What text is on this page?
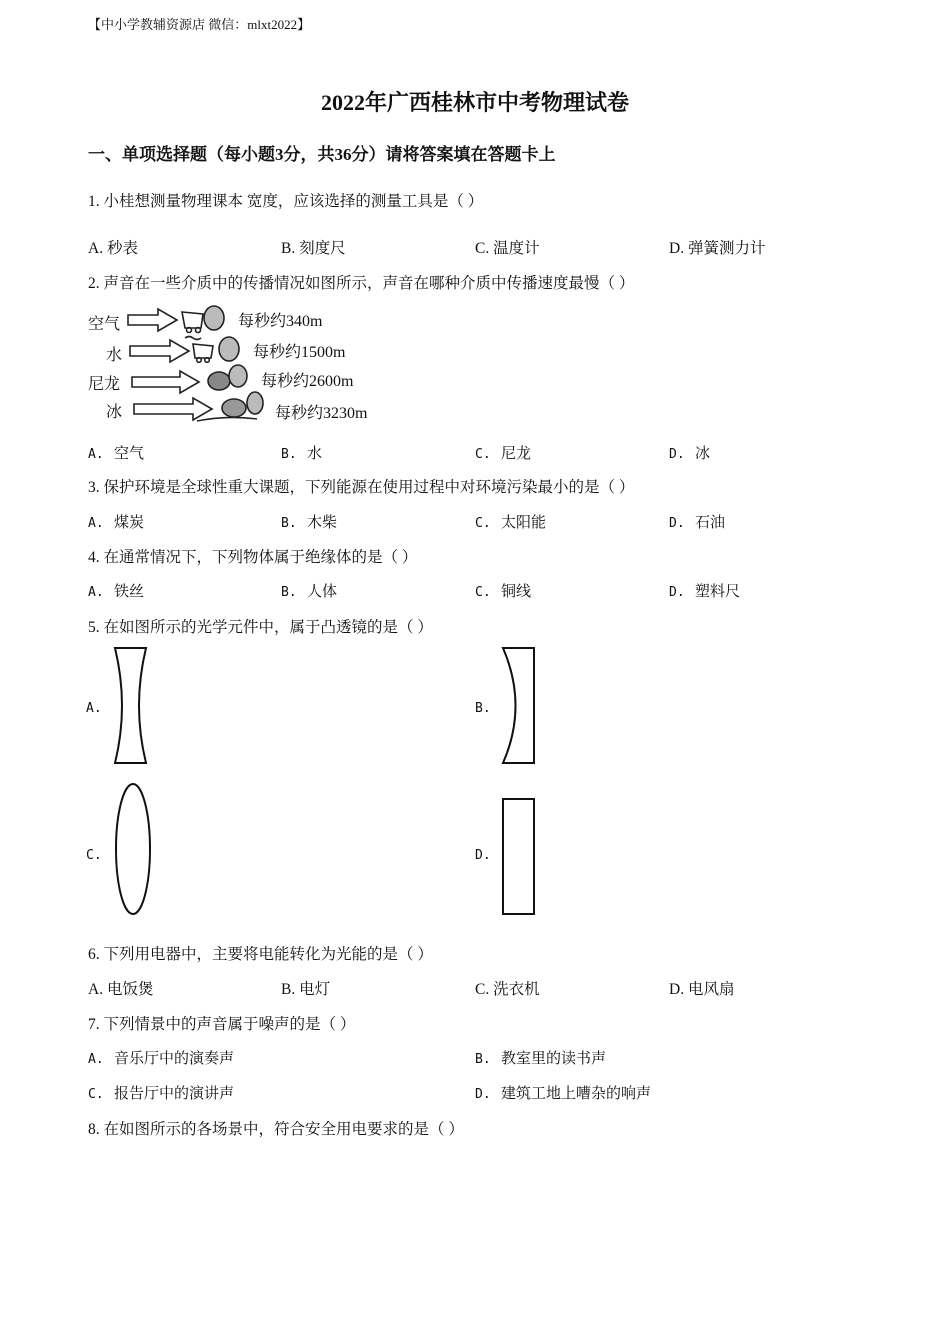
【中小学教辅资源店 微信：mlxt2022】
2022年广西桂林市中考物理试卷
一、单项选择题（每小题3分，共36分）请将答案填在答题卡上
1. 小桂想测量物理课本 宽度，应该选择的测量工具是（ ）
A. 秒表	B. 刻度尺	C. 温度计	D. 弹簧测力计
2. 声音在一些介质中的传播情况如图所示，声音在哪种介质中传播速度最慢（ ）
空气
水
尼龙
冰
每秒约340m
每秒约1500m
每秒约2600m
每秒约3230m
A. 空气	B. 水	C. 尼龙	D. 冰
3. 保护环境是全球性重大课题，下列能源在使用过程中对环境污染最小的是（ ）
A. 煤炭	B. 木柴	C. 太阳能	D. 石油
4. 在通常情况下，下列物体属于绝缘体的是（ ）
A. 铁丝	B. 人体	C. 铜线	D. 塑料尺
5. 在如图所示的光学元件中，属于凸透镜的是（ ）
A.	B.
C.	D.
6. 下列用电器中，主要将电能转化为光能的是（ ）
A. 电饭煲	B. 电灯	C. 洗衣机	D. 电风扇
7. 下列情景中的声音属于噪声的是（ ）
A. 音乐厅中的演奏声	B. 教室里的读书声
C. 报告厅中的演讲声	D. 建筑工地上嘈杂的响声
8. 在如图所示的各场景中，符合安全用电要求的是（ ）
